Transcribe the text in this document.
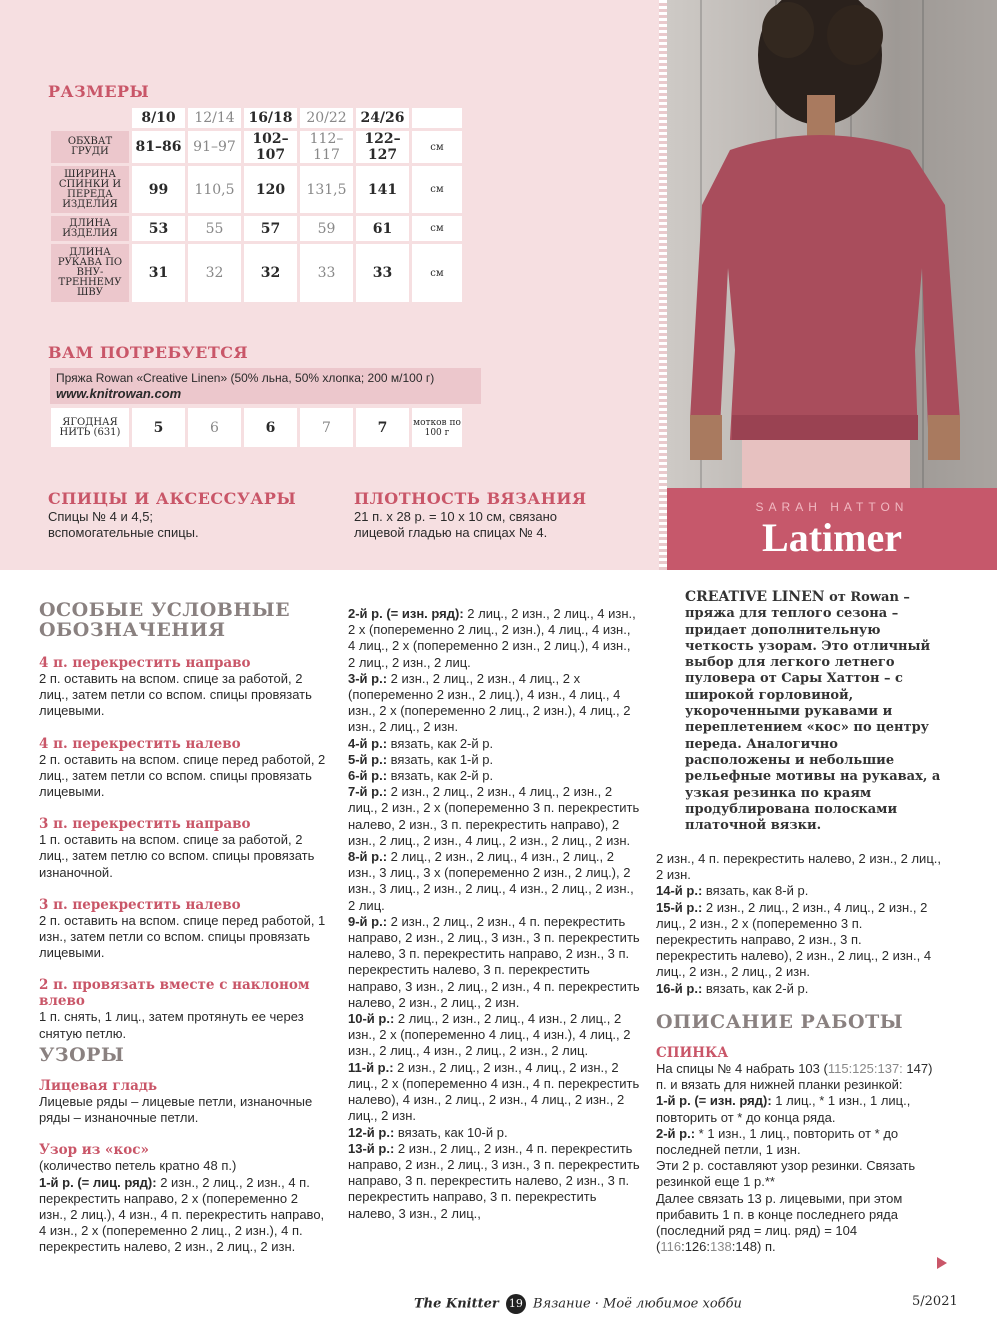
SARAH HATTON
Latimer
РАЗМЕРЫ
	8/10	12/14	16/18	20/22	24/26	
ОБХВАТ ГРУДИ	81–86	91–97	102–107	112–117	122–127	см
ШИРИНА СПИНКИ И ПЕРЕДА ИЗДЕЛИЯ	99	110,5	120	131,5	141	см
ДЛИНА ИЗДЕЛИЯ	53	55	57	59	61	см
ДЛИНА РУКАВА ПО ВНУ-ТРЕННЕМУ ШВУ	31	32	32	33	33	см
ВАМ ПОТРЕБУЕТСЯ
Пряжа Rowan «Creative Linen» (50% льна, 50% хлопка; 200 м/100 г)
www.knitrowan.com
ЯГОДНАЯ НИТЬ (631)	5	6	6	7	7	мотков по 100 г
СПИЦЫ И АКСЕССУАРЫ
Спицы № 4 и 4,5; вспомогательные спицы.
ПЛОТНОСТЬ ВЯЗАНИЯ
21 п. x 28 р. = 10 x 10 см, связано лицевой гладью на спицах № 4.
CREATIVE LINEN от Rowan – пряжа для теплого сезона – придает дополнительную четкость узорам. Это отличный выбор для легкого летнего пуловера от Сары Хаттон – с широкой горловиной, укороченными рукавами и переплетением «кос» по центру переда. Аналогично расположены и небольшие рельефные мотивы на рукавах, а узкая резинка по краям продублирована полосками платочной вязки.
ОСОБЫЕ УСЛОВНЫЕ ОБОЗНАЧЕНИЯ
4 п. перекрестить направо

2 п. оставить на вспом. спице за работой, 2 лиц., затем петли со вспом. спицы провязать лицевыми.

4 п. перекрестить налево

2 п. оставить на вспом. спице перед работой, 2 лиц., затем петли со вспом. спицы провязать лицевыми.

3 п. перекрестить направо

1 п. оставить на вспом. спице за работой, 2 лиц., затем петлю со вспом. спицы провязать изнаночной.

3 п. перекрестить налево

2 п. оставить на вспом. спице перед работой, 1 изн., затем петли со вспом. спицы провязать лицевыми.

2 п. провязать вместе с наклоном влево

1 п. снять, 1 лиц., затем протянуть ее через снятую петлю.

УЗОРЫ
Лицевая гладь

Лицевые ряды – лицевые петли, изнаночные ряды – изнаночные петли.

Узор из «кос»

(количество петель кратно 48 п.)

1-й р. (= лиц. ряд): 2 изн., 2 лиц., 2 изн., 4 п. перекрестить направо, 2 x (попеременно 2 изн., 2 лиц.), 4 изн., 4 п. перекрестить направо, 4 изн., 2 x (попеременно 2 лиц., 2 изн.), 4 п. перекрестить налево, 2 изн., 2 лиц., 2 изн.

2-й р. (= изн. ряд): 2 лиц., 2 изн., 2 лиц., 4 изн., 2 x (попеременно 2 лиц., 2 изн.), 4 лиц., 4 изн., 4 лиц., 2 x (попеременно 2 изн., 2 лиц.), 4 изн., 2 лиц., 2 изн., 2 лиц.

3-й р.: 2 изн., 2 лиц., 2 изн., 4 лиц., 2 x (попеременно 2 изн., 2 лиц.), 4 изн., 4 лиц., 4 изн., 2 x (попеременно 2 лиц., 2 изн.), 4 лиц., 2 изн., 2 лиц., 2 изн.

4-й р.: вязать, как 2-й р.

5-й р.: вязать, как 1-й р.

6-й р.: вязать, как 2-й р.

7-й р.: 2 изн., 2 лиц., 2 изн., 4 лиц., 2 изн., 2 лиц., 2 изн., 2 x (попеременно 3 п. перекрестить налево, 2 изн., 3 п. перекрестить направо), 2 изн., 2 лиц., 2 изн., 4 лиц., 2 изн., 2 лиц., 2 изн.

8-й р.: 2 лиц., 2 изн., 2 лиц., 4 изн., 2 лиц., 2 изн., 3 лиц., 3 x (попеременно 2 изн., 2 лиц.), 2 изн., 3 лиц., 2 изн., 2 лиц., 4 изн., 2 лиц., 2 изн., 2 лиц.

9-й р.: 2 изн., 2 лиц., 2 изн., 4 п. перекрестить направо, 2 изн., 2 лиц., 3 изн., 3 п. перекрестить налево, 3 п. перекрестить направо, 2 изн., 3 п. перекрестить налево, 3 п. перекрестить направо, 3 изн., 2 лиц., 2 изн., 4 п. перекрестить налево, 2 изн., 2 лиц., 2 изн.

10-й р.: 2 лиц., 2 изн., 2 лиц., 4 изн., 2 лиц., 2 изн., 2 x (попеременно 4 лиц., 4 изн.), 4 лиц., 2 изн., 2 лиц., 4 изн., 2 лиц., 2 изн., 2 лиц.

11-й р.: 2 изн., 2 лиц., 2 изн., 4 лиц., 2 изн., 2 лиц., 2 x (попеременно 4 изн., 4 п. перекрестить налево), 4 изн., 2 лиц., 2 изн., 4 лиц., 2 изн., 2 лиц., 2 изн.

12-й р.: вязать, как 10-й р.

13-й р.: 2 изн., 2 лиц., 2 изн., 4 п. перекрестить направо, 2 изн., 2 лиц., 3 изн., 3 п. перекрестить направо, 3 п. перекрестить налево, 2 изн., 3 п. перекрестить направо, 3 п. перекрестить налево, 3 изн., 2 лиц.,

2 изн., 4 п. перекрестить налево, 2 изн., 2 лиц., 2 изн.

14-й р.: вязать, как 8-й р.

15-й р.: 2 изн., 2 лиц., 2 изн., 4 лиц., 2 изн., 2 лиц., 2 изн., 2 x (попеременно 3 п. перекрестить направо, 2 изн., 3 п. перекрестить налево), 2 изн., 2 лиц., 2 изн., 4 лиц., 2 изн., 2 лиц., 2 изн.

16-й р.: вязать, как 2-й р.

ОПИСАНИЕ РАБОТЫ
СПИНКА

На спицы № 4 набрать 103 (115:125:137: 147) п. и вязать для нижней планки резинкой:

1-й р. (= изн. ряд): 1 лиц., * 1 изн., 1 лиц., повторить от * до конца ряда.

2-й р.: * 1 изн., 1 лиц., повторить от * до последней петли, 1 изн.

Эти 2 р. составляют узор резинки. Связать резинкой еще 1 р.**

Далее связать 13 р. лицевыми, при этом прибавить 1 п. в конце последнего ряда (последний ряд = лиц. ряд) = 104 (116:126:138:148) п.

The Knitter 19 Вязание · Моё любимое хобби	5/2021
